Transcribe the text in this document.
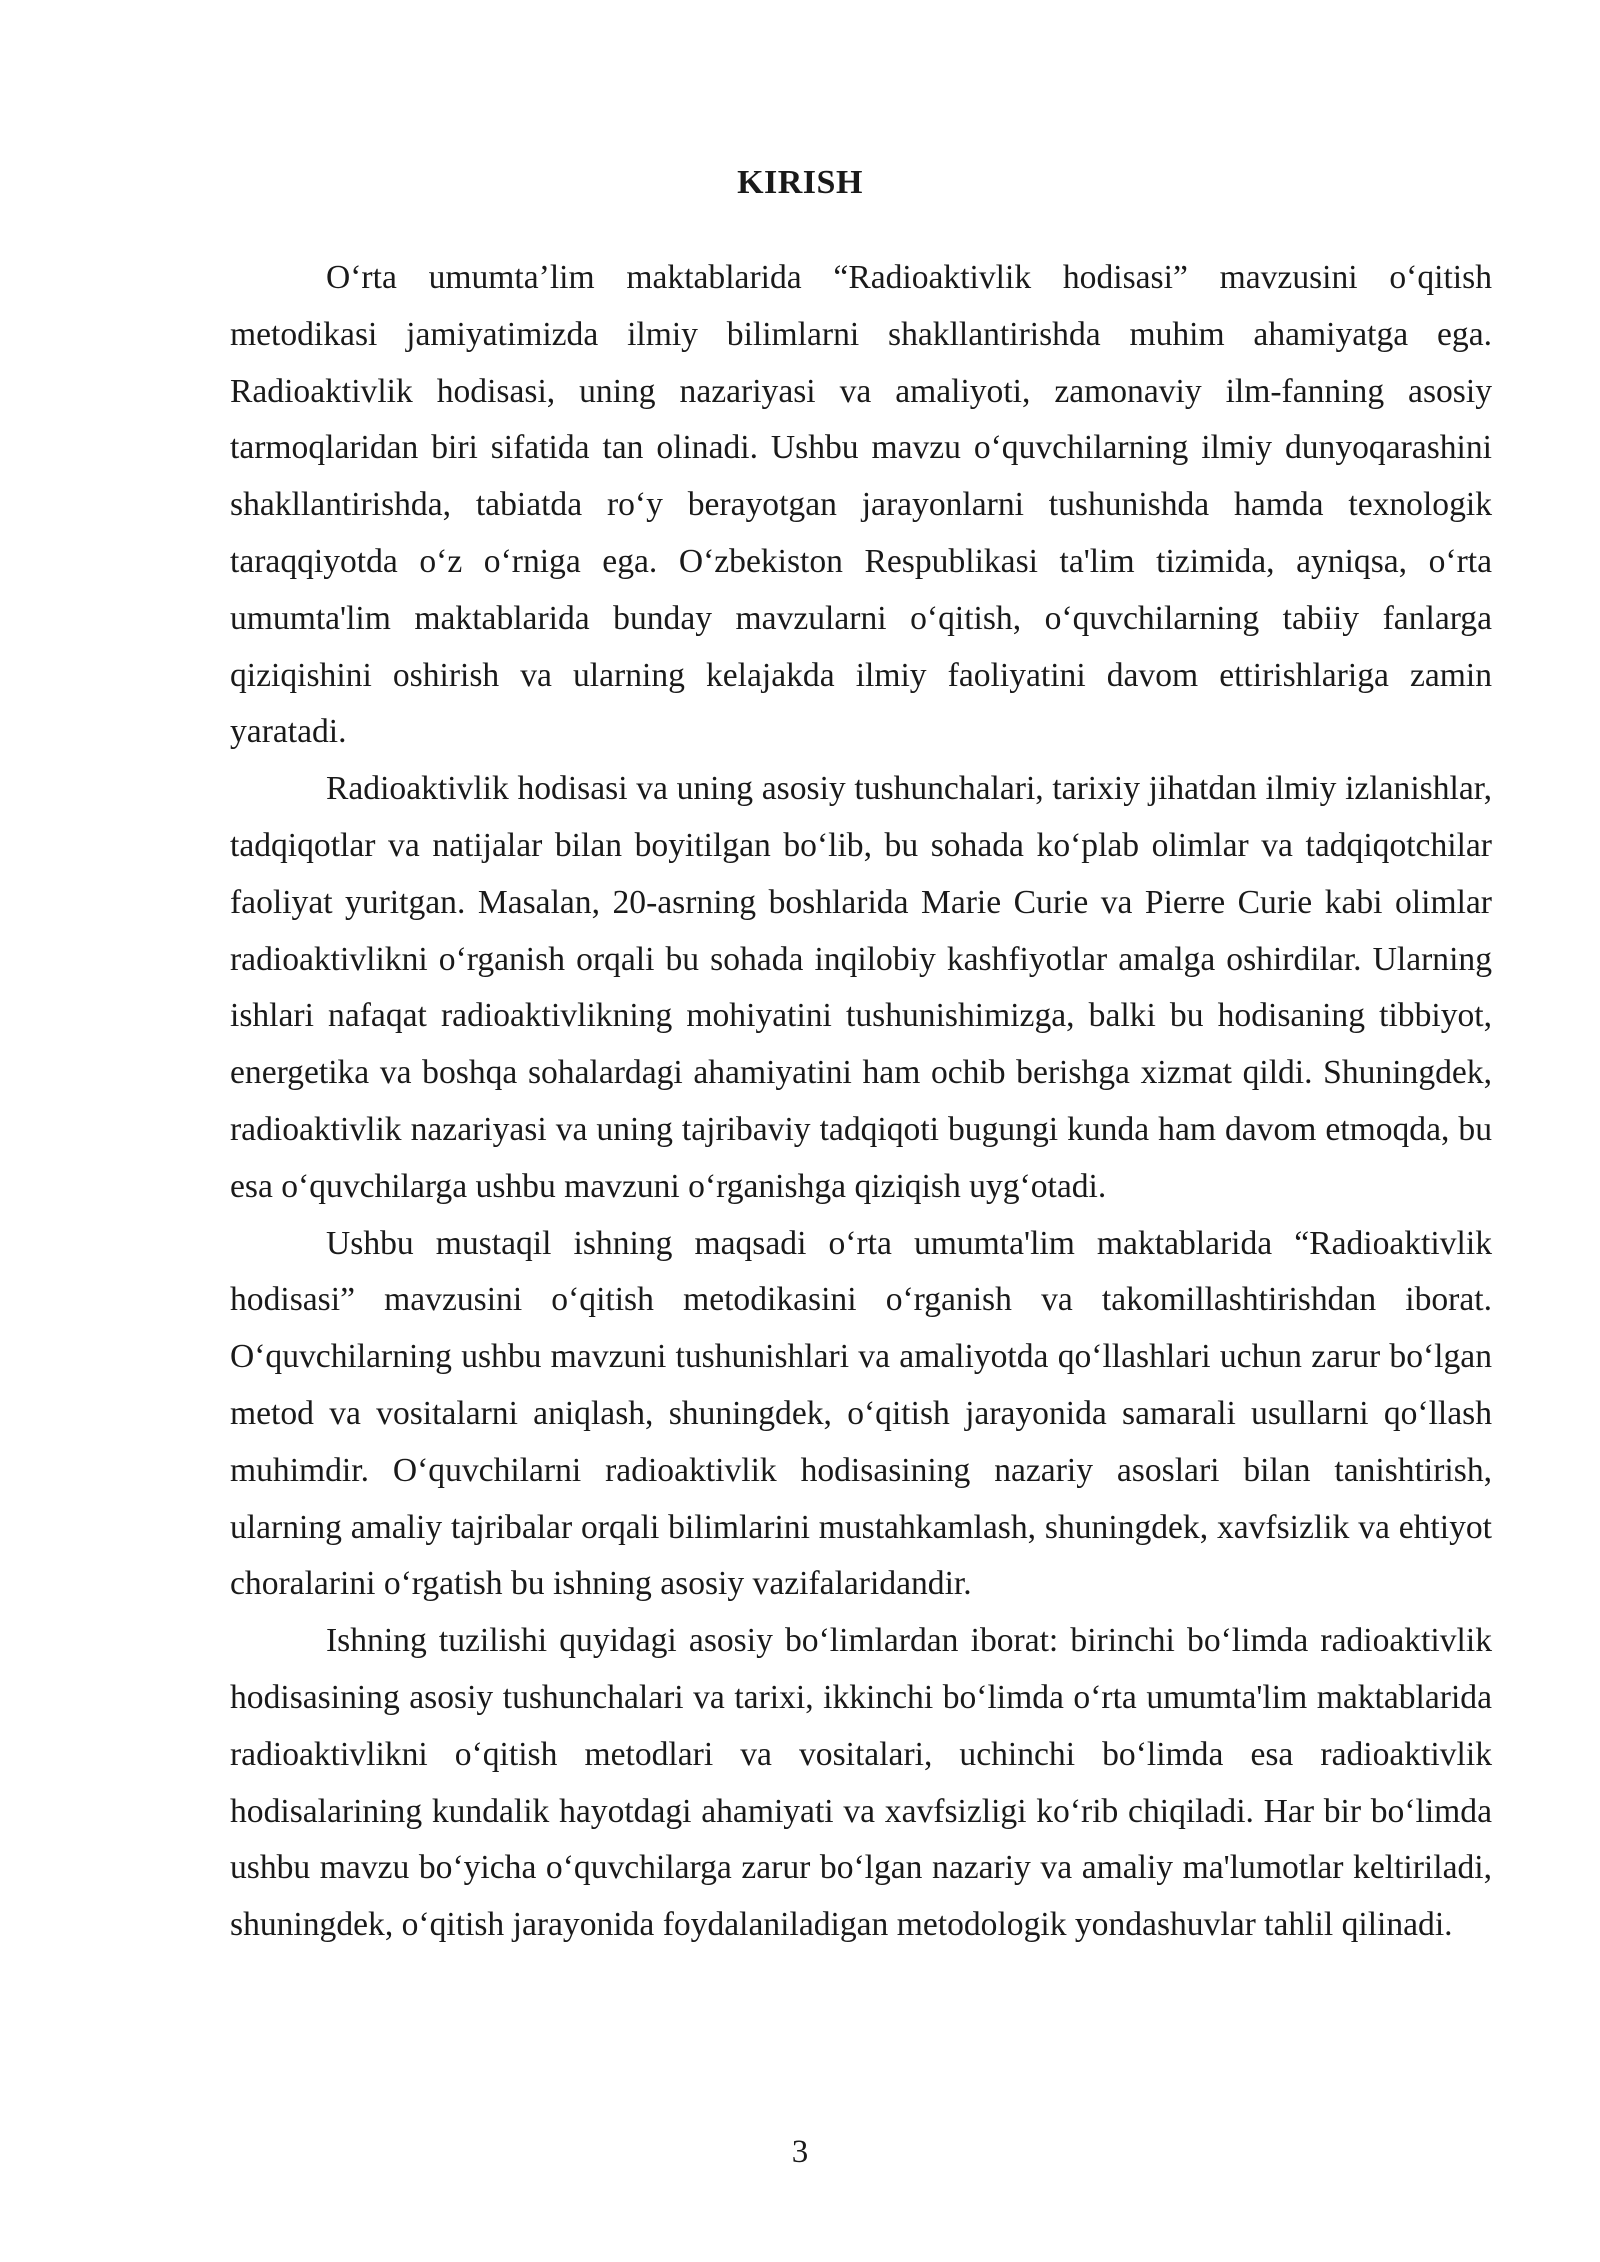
KIRISH

O‘rta umumta’lim maktablarida “Radioaktivlik hodisasi” mavzusini o‘qitish metodikasi jamiyatimizda ilmiy bilimlarni shakllantirishda muhim ahamiyatga ega. Radioaktivlik hodisasi, uning nazariyasi va amaliyoti, zamonaviy ilm-fanning asosiy tarmoqlaridan biri sifatida tan olinadi. Ushbu mavzu o‘quvchilarning ilmiy dunyoqarashini shakllantirishda, tabiatda ro‘y berayotgan jarayonlarni tushunishda hamda texnologik taraqqiyotda o‘z o‘rniga ega. O‘zbekiston Respublikasi ta'lim tizimida, ayniqsa, o‘rta umumta'lim maktablarida bunday mavzularni o‘qitish, o‘quvchilarning tabiiy fanlarga qiziqishini oshirish va ularning kelajakda ilmiy faoliyatini davom ettirishlariga zamin yaratadi.

Radioaktivlik hodisasi va uning asosiy tushunchalari, tarixiy jihatdan ilmiy izlanishlar, tadqiqotlar va natijalar bilan boyitilgan bo‘lib, bu sohada ko‘plab olimlar va tadqiqotchilar faoliyat yuritgan. Masalan, 20-asrning boshlarida Marie Curie va Pierre Curie kabi olimlar radioaktivlikni o‘rganish orqali bu sohada inqilobiy kashfiyotlar amalga oshirdilar. Ularning ishlari nafaqat radioaktivlikning mohiyatini tushunishimizga, balki bu hodisaning tibbiyot, energetika va boshqa sohalardagi ahamiyatini ham ochib berishga xizmat qildi. Shuningdek, radioaktivlik nazariyasi va uning tajribaviy tadqiqoti bugungi kunda ham davom etmoqda, bu esa o‘quvchilarga ushbu mavzuni o‘rganishga qiziqish uyg‘otadi.

Ushbu mustaqil ishning maqsadi o‘rta umumta'lim maktablarida “Radioaktivlik hodisasi” mavzusini o‘qitish metodikasini o‘rganish va takomillashtirishdan iborat. O‘quvchilarning ushbu mavzuni tushunishlari va amaliyotda qo‘llashlari uchun zarur bo‘lgan metod va vositalarni aniqlash, shuningdek, o‘qitish jarayonida samarali usullarni qo‘llash muhimdir. O‘quvchilarni radioaktivlik hodisasining nazariy asoslari bilan tanishtirish, ularning amaliy tajribalar orqali bilimlarini mustahkamlash, shuningdek, xavfsizlik va ehtiyot choralarini o‘rgatish bu ishning asosiy vazifalaridandir.

Ishning tuzilishi quyidagi asosiy bo‘limlardan iborat: birinchi bo‘limda radioaktivlik hodisasining asosiy tushunchalari va tarixi, ikkinchi bo‘limda o‘rta umumta'lim maktablarida radioaktivlikni o‘qitish metodlari va vositalari, uchinchi bo‘limda esa radioaktivlik hodisalarining kundalik hayotdagi ahamiyati va xavfsizligi ko‘rib chiqiladi. Har bir bo‘limda ushbu mavzu bo‘yicha o‘quvchilarga zarur bo‘lgan nazariy va amaliy ma'lumotlar keltiriladi, shuningdek, o‘qitish jarayonida foydalaniladigan metodologik yondashuvlar tahlil qilinadi.

3
